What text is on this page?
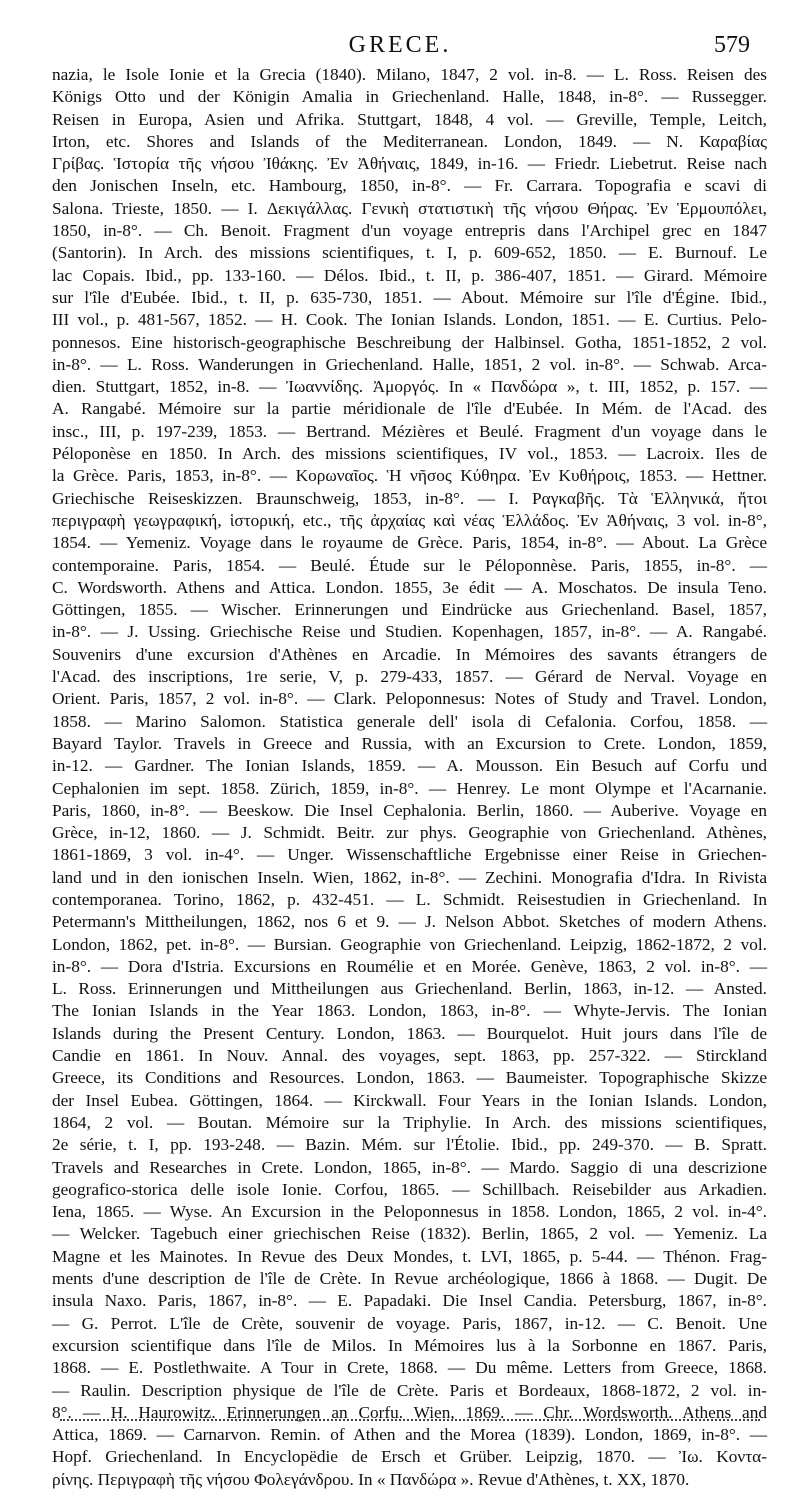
GRECE.	579
nazia, le Isole Ionie et la Grecia (1840). Milano, 1847, 2 vol. in-8. — L. Ross. Reisen des
Königs Otto und der Königin Amalia in Griechenland. Halle, 1848, in-8°. — Russegger.
Reisen in Europa, Asien und Afrika. Stuttgart, 1848, 4 vol. — Greville, Temple, Leitch,
Irton, etc. Shores and Islands of the Mediterranean. London, 1849. — N. Καραβίας
Γρίβας. Ἱστορία τῆς νήσου Ἰθάκης. Ἐν Ἀθήναις, 1849, in-16. — Friedr. Liebetrut. Reise nach
den Jonischen Inseln, etc. Hambourg, 1850, in-8°. — Fr. Carrara. Topografia e scavi di
Salona. Trieste, 1850. — I. Δεκιγάλλας. Γενικὴ στατιστικὴ τῆς νήσου Θήρας. Ἐν Ἑρμουπόλει,
1850, in-8°. — Ch. Benoit. Fragment d'un voyage entrepris dans l'Archipel grec en 1847
(Santorin). In Arch. des missions scientifiques, t. I, p. 609-652, 1850. — E. Burnouf. Le
lac Copais. Ibid., pp. 133-160. — Délos. Ibid., t. II, p. 386-407, 1851. — Girard. Mémoire
sur l'île d'Eubée. Ibid., t. II, p. 635-730, 1851. — About. Mémoire sur l'île d'Égine. Ibid.,
III vol., p. 481-567, 1852. — H. Cook. The Ionian Islands. London, 1851. — E. Curtius. Pelo-
ponnesos. Eine historisch-geographische Beschreibung der Halbinsel. Gotha, 1851-1852, 2 vol.
in-8°. — L. Ross. Wanderungen in Griechenland. Halle, 1851, 2 vol. in-8°. — Schwab. Arca-
dien. Stuttgart, 1852, in-8. — Ἰωαννίδης. Ἀμοργός. In « Πανδώρα », t. III, 1852, p. 157. —
A. Rangabé. Mémoire sur la partie méridionale de l'île d'Eubée. In Mém. de l'Acad. des
insc., III, p. 197-239, 1853. — Bertrand. Mézières et Beulé. Fragment d'un voyage dans le
Péloponèse en 1850. In Arch. des missions scientifiques, IV vol., 1853. — Lacroix. Iles de
la Grèce. Paris, 1853, in-8°. — Κορωναῖος. Ἡ νῆσος Κύθηρα. Ἐν Κυθήροις, 1853. — Hettner.
Griechische Reiseskizzen. Braunschweig, 1853, in-8°. — I. Ραγκαβῆς. Τὰ Ἑλληνικά, ἤτοι
περιγραφὴ γεωγραφική, ἱστορική, etc., τῆς ἀρχαίας καὶ νέας Ἑλλάδος. Ἐν Ἀθήναις, 3 vol. in-8°,
1854. — Yemeniz. Voyage dans le royaume de Grèce. Paris, 1854, in-8°. — About. La Grèce
contemporaine. Paris, 1854. — Beulé. Étude sur le Péloponnèse. Paris, 1855, in-8°. —
C. Wordsworth. Athens and Attica. London. 1855, 3e édit — A. Moschatos. De insula Teno.
Göttingen, 1855. — Wischer. Erinnerungen und Eindrücke aus Griechenland. Basel, 1857,
in-8°. — J. Ussing. Griechische Reise und Studien. Kopenhagen, 1857, in-8°. — A. Rangabé.
Souvenirs d'une excursion d'Athènes en Arcadie. In Mémoires des savants étrangers de
l'Acad. des inscriptions, 1re serie, V, p. 279-433, 1857. — Gérard de Nerval. Voyage en
Orient. Paris, 1857, 2 vol. in-8°. — Clark. Peloponnesus: Notes of Study and Travel. London,
1858. — Marino Salomon. Statistica generale dell' isola di Cefalonia. Corfou, 1858. —
Bayard Taylor. Travels in Greece and Russia, with an Excursion to Crete. London, 1859,
in-12. — Gardner. The Ionian Islands, 1859. — A. Mousson. Ein Besuch auf Corfu und
Cephalonien im sept. 1858. Zürich, 1859, in-8°. — Henrey. Le mont Olympe et l'Acarnanie.
Paris, 1860, in-8°. — Beeskow. Die Insel Cephalonia. Berlin, 1860. — Auberive. Voyage en
Grèce, in-12, 1860. — J. Schmidt. Beitr. zur phys. Geographie von Griechenland. Athènes,
1861-1869, 3 vol. in-4°. — Unger. Wissenschaftliche Ergebnisse einer Reise in Griechen-
land und in den ionischen Inseln. Wien, 1862, in-8°. — Zechini. Monografia d'Idra. In Rivista
contemporanea. Torino, 1862, p. 432-451. — L. Schmidt. Reisestudien in Griechenland. In
Petermann's Mittheilungen, 1862, nos 6 et 9. — J. Nelson Abbot. Sketches of modern Athens.
London, 1862, pet. in-8°. — Bursian. Geographie von Griechenland. Leipzig, 1862-1872, 2 vol.
in-8°. — Dora d'Istria. Excursions en Roumélie et en Morée. Genève, 1863, 2 vol. in-8°. —
L. Ross. Erinnerungen und Mittheilungen aus Griechenland. Berlin, 1863, in-12. — Ansted.
The Ionian Islands in the Year 1863. London, 1863, in-8°. — Whyte-Jervis. The Ionian
Islands during the Present Century. London, 1863. — Bourquelot. Huit jours dans l'île de
Candie en 1861. In Nouv. Annal. des voyages, sept. 1863, pp. 257-322. — Stirckland
Greece, its Conditions and Resources. London, 1863. — Baumeister. Topographische Skizze
der Insel Eubea. Göttingen, 1864. — Kirckwall. Four Years in the Ionian Islands. London,
1864, 2 vol. — Boutan. Mémoire sur la Triphylie. In Arch. des missions scientifiques,
2e série, t. I, pp. 193-248. — Bazin. Mém. sur l'Étolie. Ibid., pp. 249-370. — B. Spratt.
Travels and Researches in Crete. London, 1865, in-8°. — Mardo. Saggio di una descrizione
geografico-storica delle isole Ionie. Corfou, 1865. — Schillbach. Reisebilder aus Arkadien.
Iena, 1865. — Wyse. An Excursion in the Peloponnesus in 1858. London, 1865, 2 vol. in-4°.
— Welcker. Tagebuch einer griechischen Reise (1832). Berlin, 1865, 2 vol. — Yemeniz. La
Magne et les Mainotes. In Revue des Deux Mondes, t. LVI, 1865, p. 5-44. — Thénon. Frag-
ments d'une description de l'île de Crète. In Revue archéologique, 1866 à 1868. — Dugit. De
insula Naxo. Paris, 1867, in-8°. — E. Papadaki. Die Insel Candia. Petersburg, 1867, in-8°.
— G. Perrot. L'île de Crète, souvenir de voyage. Paris, 1867, in-12. — C. Benoit. Une
excursion scientifique dans l'île de Milos. In Mémoires lus à la Sorbonne en 1867. Paris,
1868. — E. Postlethwaite. A Tour in Crete, 1868. — Du même. Letters from Greece, 1868.
— Raulin. Description physique de l'île de Crète. Paris et Bordeaux, 1868-1872, 2 vol. in-
8°. — H. Haurowitz. Erinnerungen an Corfu. Wien, 1869. — Chr. Wordsworth. Athens and
Attica, 1869. — Carnarvon. Remin. of Athen and the Morea (1839). London, 1869, in-8°. —
Hopf. Griechenland. In Encyclopëdie de Ersch et Grüber. Leipzig, 1870. — Ἰω. Κοντα-
ρίνης. Περιγραφὴ τῆς νήσου Φολεγάνδρου. In « Πανδώρα ». Revue d'Athènes, t. XX, 1870.
